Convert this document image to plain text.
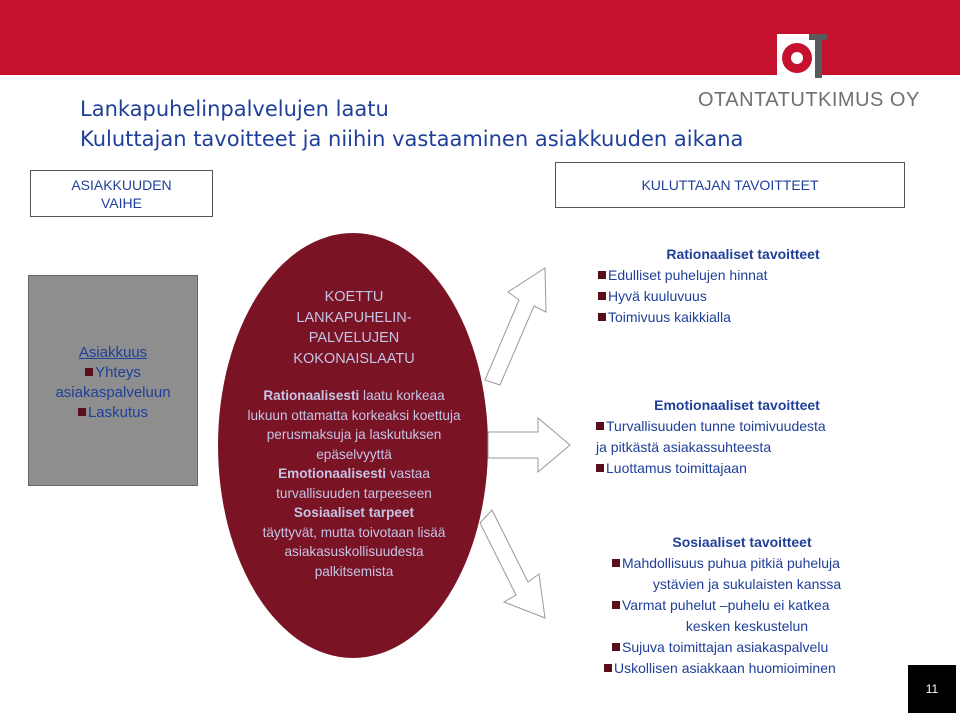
OTANTATUTKIMUS OY
Lankapuhelinpalvelujen laatu
Kuluttajan tavoitteet ja niihin vastaaminen asiakkuuden aikana
ASIAKKUUDEN VAIHE
KULUTTAJAN TAVOITTEET
Asiakkuus
Yhteys asiakaspalveluun
Laskutus
KOETTU
LANKAPUHELIN-
PALVELUJEN
KOKONAISLAATU
Rationaalisesti laatu korkeaa lukuun ottamatta korkeaksi koettuja perusmaksuja ja laskutuksen epäselvyyttä
Emotionaalisesti vastaa turvallisuuden tarpeeseen
Sosiaaliset tarpeet
täyttyvät, mutta toivotaan lisää asiakasuskollisuudesta palkitsemista
Rationaaliset tavoitteet
Edulliset puhelujen hinnat
Hyvä kuuluvuus
Toimivuus kaikkialla
Emotionaaliset tavoitteet
Turvallisuuden tunne toimivuudesta
ja pitkästä asiakassuhteesta
Luottamus toimittajaan
Sosiaaliset tavoitteet
Mahdollisuus puhua pitkiä puheluja
ystävien ja sukulaisten kanssa
Varmat puhelut –puhelu ei katkea
kesken keskustelun
Sujuva toimittajan asiakaspalvelu
Uskollisen asiakkaan huomioiminen
11
